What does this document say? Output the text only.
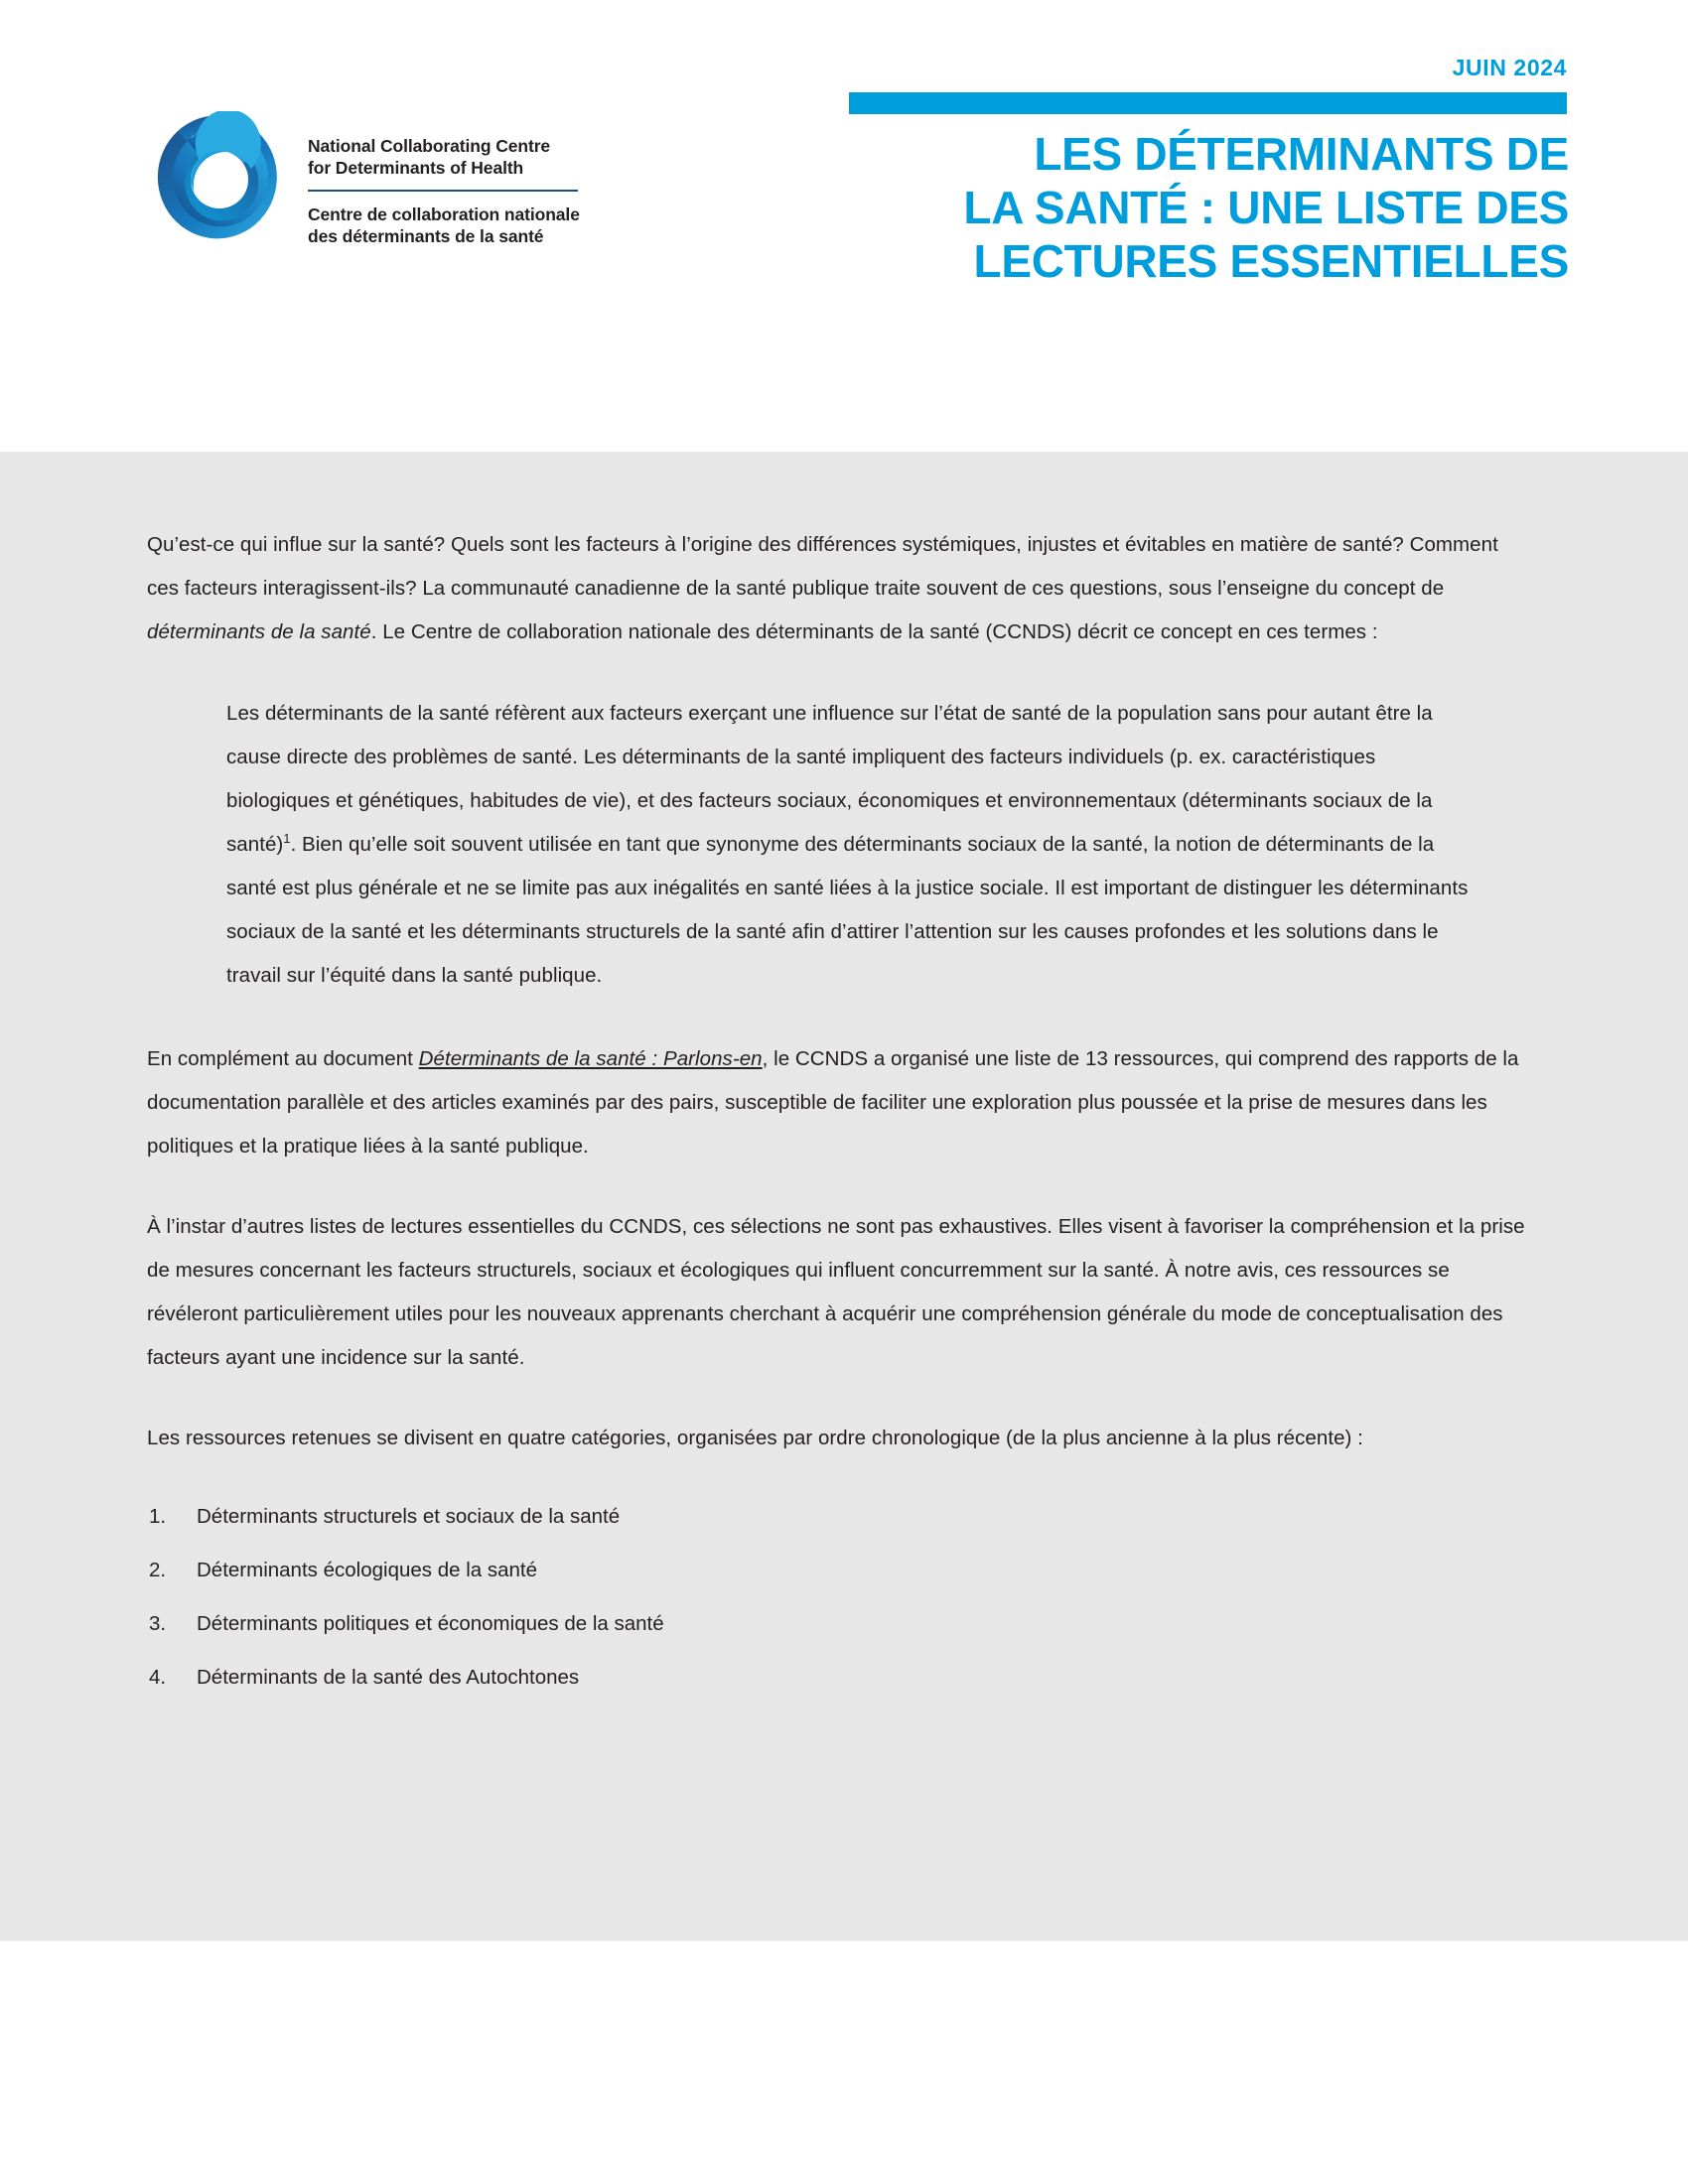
JUIN 2024
LES DÉTERMINANTS DE
LA SANTÉ : UNE LISTE DES
LECTURES ESSENTIELLES
National Collaborating Centre
for Determinants of Health
Centre de collaboration nationale
des déterminants de la santé

Qu’est-ce qui influe sur la santé? Quels sont les facteurs à l’origine des différences systémiques, injustes et évitables en matière de santé? Comment ces facteurs interagissent-ils? La communauté canadienne de la santé publique traite souvent de ces questions, sous l’enseigne du concept de déterminants de la santé. Le Centre de collaboration nationale des déterminants de la santé (CCNDS) décrit ce concept en ces termes :

Les déterminants de la santé réfèrent aux facteurs exerçant une influence sur l’état de santé de la population sans pour autant être la cause directe des problèmes de santé. Les déterminants de la santé impliquent des facteurs individuels (p. ex. caractéristiques biologiques et génétiques, habitudes de vie), et des facteurs sociaux, économiques et environnementaux (déterminants sociaux de la santé)$^1$. Bien qu’elle soit souvent utilisée en tant que synonyme des déterminants sociaux de la santé, la notion de déterminants de la santé est plus générale et ne se limite pas aux inégalités en santé liées à la justice sociale. Il est important de distinguer les déterminants sociaux de la santé et les déterminants structurels de la santé afin d’attirer l’attention sur les causes profondes et les solutions dans le travail sur l’équité dans la santé publique.

En complément au document Déterminants de la santé : Parlons-en, le CCNDS a organisé une liste de 13 ressources, qui comprend des rapports de la documentation parallèle et des articles examinés par des pairs, susceptible de faciliter une exploration plus poussée et la prise de mesures dans les politiques et la pratique liées à la santé publique.

À l’instar d’autres listes de lectures essentielles du CCNDS, ces sélections ne sont pas exhaustives. Elles visent à favoriser la compréhension et la prise de mesures concernant les facteurs structurels, sociaux et écologiques qui influent concurremment sur la santé. À notre avis, ces ressources se révéleront particulièrement utiles pour les nouveaux apprenants cherchant à acquérir une compréhension générale du mode de conceptualisation des facteurs ayant une incidence sur la santé.

Les ressources retenues se divisent en quatre catégories, organisées par ordre chronologique (de la plus ancienne à la plus récente) :

1.	Déterminants structurels et sociaux de la santé
2.	Déterminants écologiques de la santé
3.	Déterminants politiques et économiques de la santé
4.	Déterminants de la santé des Autochtones
